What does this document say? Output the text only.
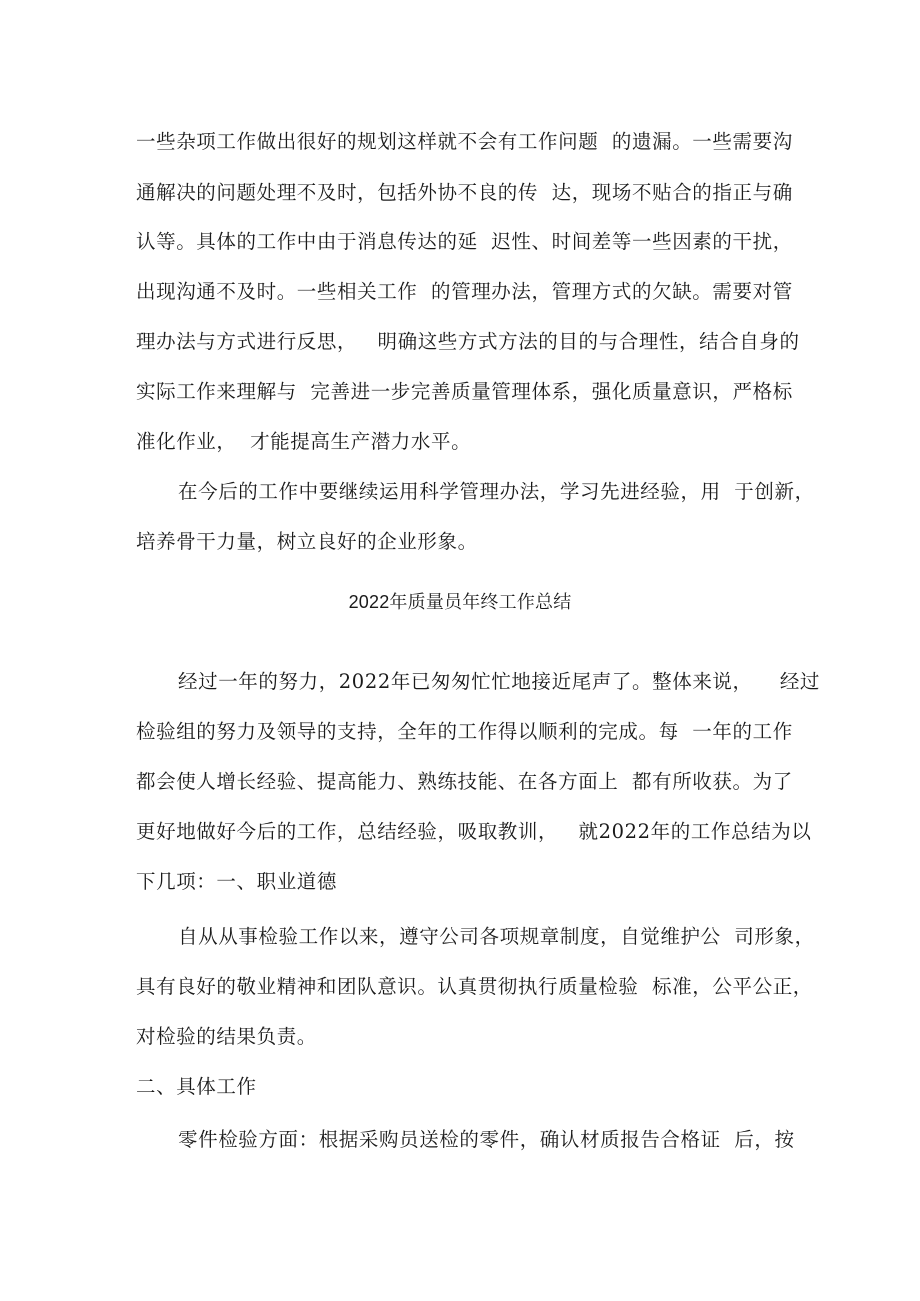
一些杂项工作做出很好的规划这样就不会有工作问题  的遗漏。一些需要沟
通解决的问题处理不及时，包括外协不良的传  达，现场不贴合的指正与确
认等。具体的工作中由于消息传达的延  迟性、时间差等一些因素的干扰，
出现沟通不及时。一些相关工作  的管理办法，管理方式的欠缺。需要对管
理办法与方式进行反思，   明确这些方式方法的目的与合理性，结合自身的
实际工作来理解与  完善进一步完善质量管理体系，强化质量意识，严格标
准化作业，  才能提高生产潜力水平。
在今后的工作中要继续运用科学管理办法，学习先进经验，用  于创新，
培养骨干力量，树立良好的企业形象。
2022年质量员年终工作总结
经过一年的努力，2022年已匆匆忙忙地接近尾声了。整体来说，    经过
检验组的努力及领导的支持，全年的工作得以顺利的完成。每  一年的工作
都会使人增长经验、提高能力、熟练技能、在各方面上  都有所收获。为了
更好地做好今后的工作，总结经验，吸取教训，   就2022年的工作总结为以
下几项：一、职业道德
自从从事检验工作以来，遵守公司各项规章制度，自觉维护公  司形象，
具有良好的敬业精神和团队意识。认真贯彻执行质量检验  标准，公平公正，
对检验的结果负责。
二、具体工作
零件检验方面：根据采购员送检的零件，确认材质报告合格证  后，按
